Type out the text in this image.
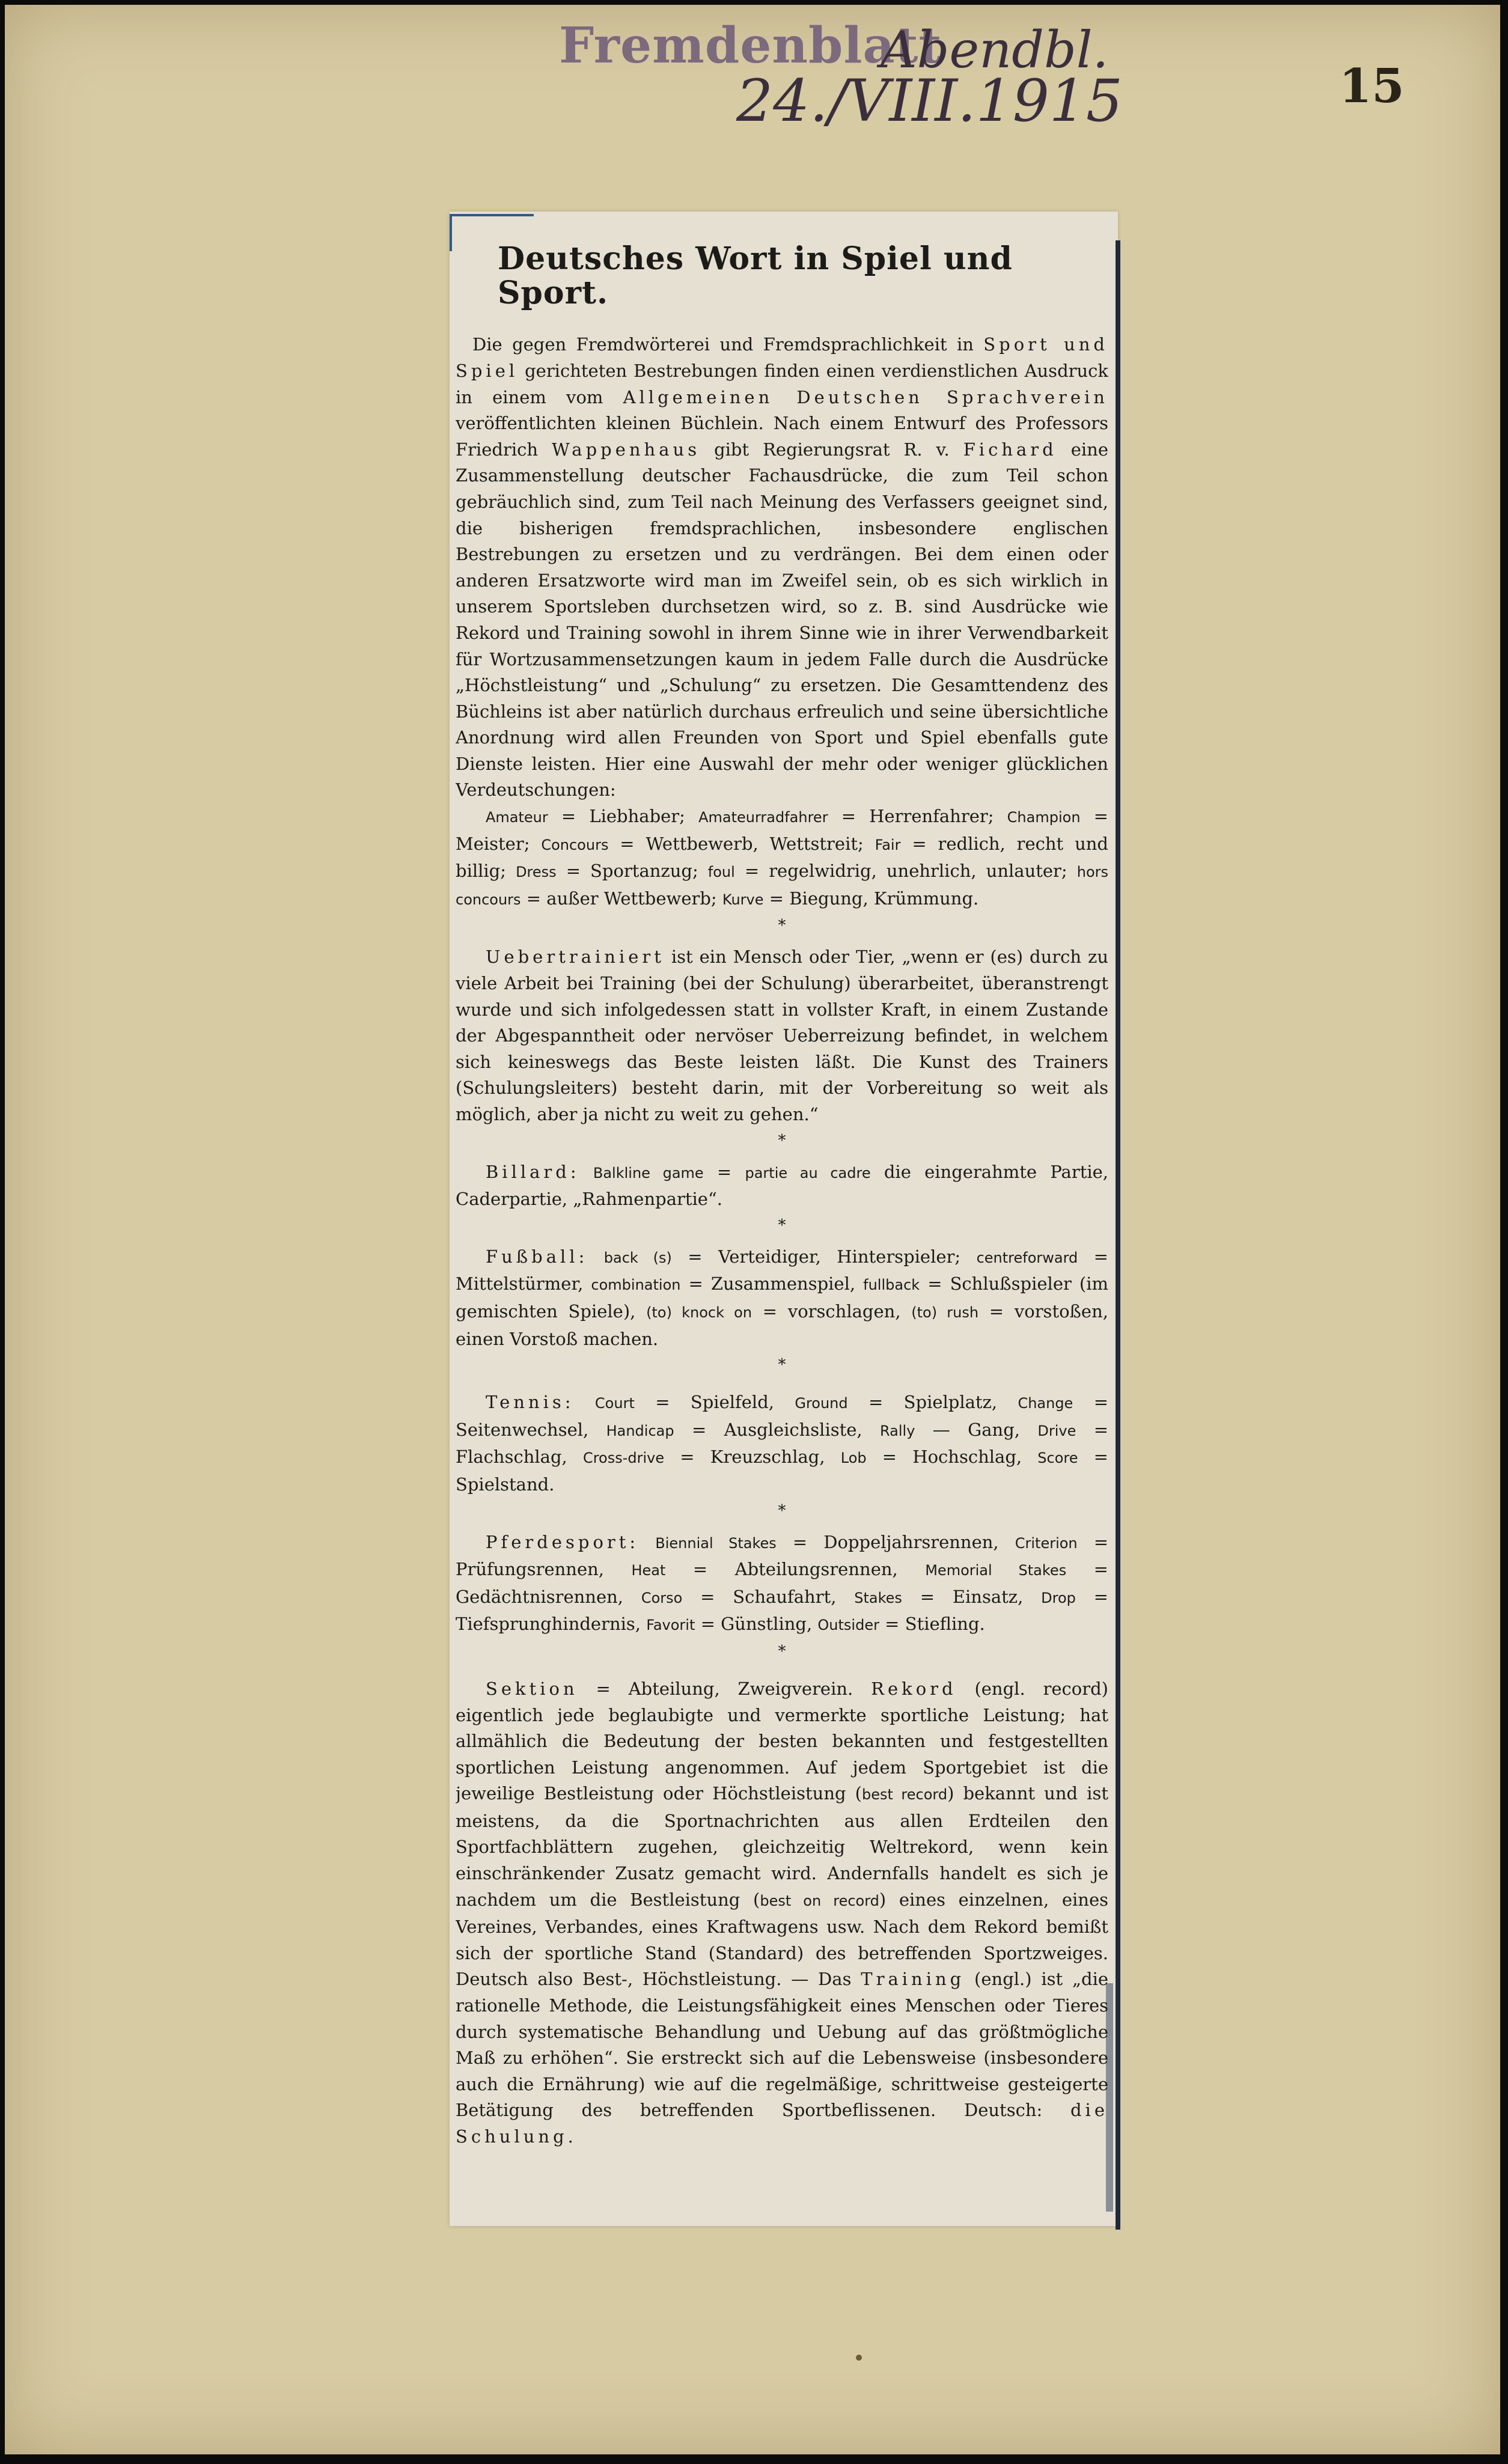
Fremdenblatt
Abendbl.
24./VIII.1915	15
Deutsches Wort in Spiel und Sport.

Die gegen Fremdwörterei und Fremdsprachlichkeit in Sport und Spiel gerichteten Bestrebungen finden einen verdienstlichen Ausdruck in einem vom Allgemeinen Deutschen Sprachverein veröffentlichten kleinen Büchlein. Nach einem Entwurf des Professors Friedrich Wappenhaus gibt Regierungsrat R. v. Fichard eine Zusammenstellung deutscher Fachausdrücke, die zum Teil schon gebräuchlich sind, zum Teil nach Meinung des Verfassers geeignet sind, die bisherigen fremdsprachlichen, insbesondere englischen Bestrebungen zu ersetzen und zu verdrängen. Bei dem einen oder anderen Ersatzworte wird man im Zweifel sein, ob es sich wirklich in unserem Sportsleben durchsetzen wird, so z. B. sind Ausdrücke wie Rekord und Training sowohl in ihrem Sinne wie in ihrer Verwendbarkeit für Wortzusammensetzungen kaum in jedem Falle durch die Ausdrücke „Höchstleistung“ und „Schulung“ zu ersetzen. Die Gesamttendenz des Büchleins ist aber natürlich durchaus erfreulich und seine übersichtliche Anordnung wird allen Freunden von Sport und Spiel ebenfalls gute Dienste leisten. Hier eine Auswahl der mehr oder weniger glücklichen Verdeutschungen:

Amateur = Liebhaber; Amateurradfahrer = Herrenfahrer; Champion = Meister; Concours = Wettbewerb, Wettstreit; Fair = redlich, recht und billig; Dress = Sportanzug; foul = regelwidrig, unehrlich, unlauter; hors concours = außer Wettbewerb; Kurve = Biegung, Krümmung.

*

Uebertrainiert ist ein Mensch oder Tier, „wenn er (es) durch zu viele Arbeit bei Training (bei der Schulung) überarbeitet, überanstrengt wurde und sich infolgedessen statt in vollster Kraft, in einem Zustande der Abgespanntheit oder nervöser Ueberreizung befindet, in welchem sich keineswegs das Beste leisten läßt. Die Kunst des Trainers (Schulungsleiters) besteht darin, mit der Vorbereitung so weit als möglich, aber ja nicht zu weit zu gehen.“

*

Billard: Balkline game = partie au cadre die eingerahmte Partie, Caderpartie, „Rahmenpartie“.

*

Fußball: back (s) = Verteidiger, Hinterspieler; centreforward = Mittelstürmer, combination = Zusammenspiel, fullback = Schlußspieler (im gemischten Spiele), (to) knock on = vorschlagen, (to) rush = vorstoßen, einen Vorstoß machen.

*

Tennis: Court = Spielfeld, Ground = Spielplatz, Change = Seitenwechsel, Handicap = Ausgleichsliste, Rally — Gang, Drive = Flachschlag, Cross-drive = Kreuzschlag, Lob = Hochschlag, Score = Spielstand.

*

Pferdesport: Biennial Stakes = Doppeljahrsrennen, Criterion = Prüfungsrennen, Heat = Abteilungsrennen, Memorial Stakes = Gedächtnisrennen, Corso = Schaufahrt, Stakes = Einsatz, Drop = Tiefsprunghindernis, Favorit = Günstling, Outsider = Stiefling.

*

Sektion = Abteilung, Zweigverein. Rekord (engl. record) eigentlich jede beglaubigte und vermerkte sportliche Leistung; hat allmählich die Bedeutung der besten bekannten und festgestellten sportlichen Leistung angenommen. Auf jedem Sportgebiet ist die jeweilige Bestleistung oder Höchstleistung (best record) bekannt und ist meistens, da die Sportnachrichten aus allen Erdteilen den Sportfachblättern zugehen, gleichzeitig Weltrekord, wenn kein einschränkender Zusatz gemacht wird. Andernfalls handelt es sich je nachdem um die Bestleistung (best on record) eines einzelnen, eines Vereines, Verbandes, eines Kraftwagens usw. Nach dem Rekord bemißt sich der sportliche Stand (Standard) des betreffenden Sportzweiges. Deutsch also Best-, Höchstleistung. — Das Training (engl.) ist „die rationelle Methode, die Leistungsfähigkeit eines Menschen oder Tieres durch systematische Behandlung und Uebung auf das größtmögliche Maß zu erhöhen“. Sie erstreckt sich auf die Lebensweise (insbesondere auch die Ernährung) wie auf die regelmäßige, schrittweise gesteigerte Betätigung des betreffenden Sportbeflissenen. Deutsch: die Schulung.
